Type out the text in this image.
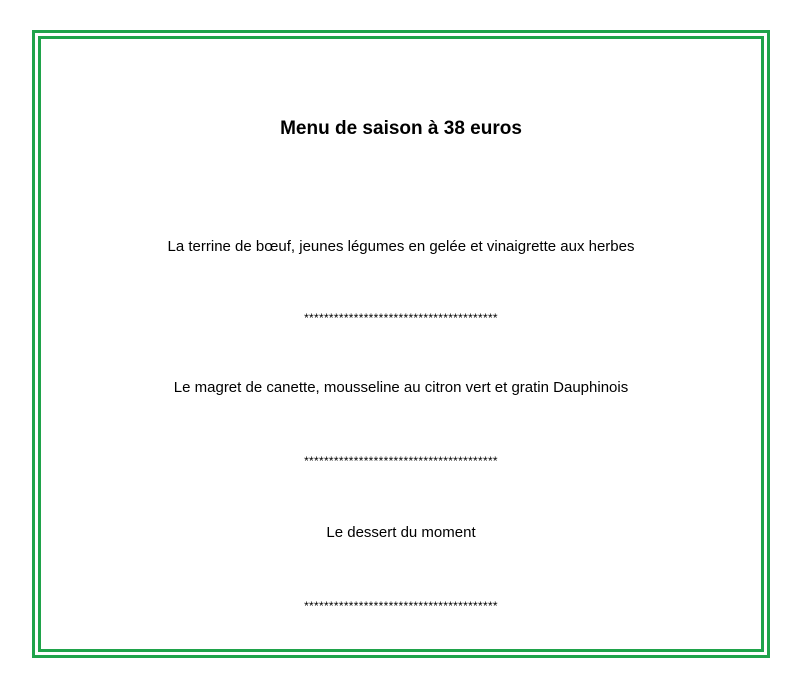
Menu de saison à 38 euros

La terrine de bœuf, jeunes légumes en gelée et vinaigrette aux herbes

***************************************

Le magret de canette, mousseline au citron vert et gratin Dauphinois

***************************************

Le dessert du moment

***************************************
